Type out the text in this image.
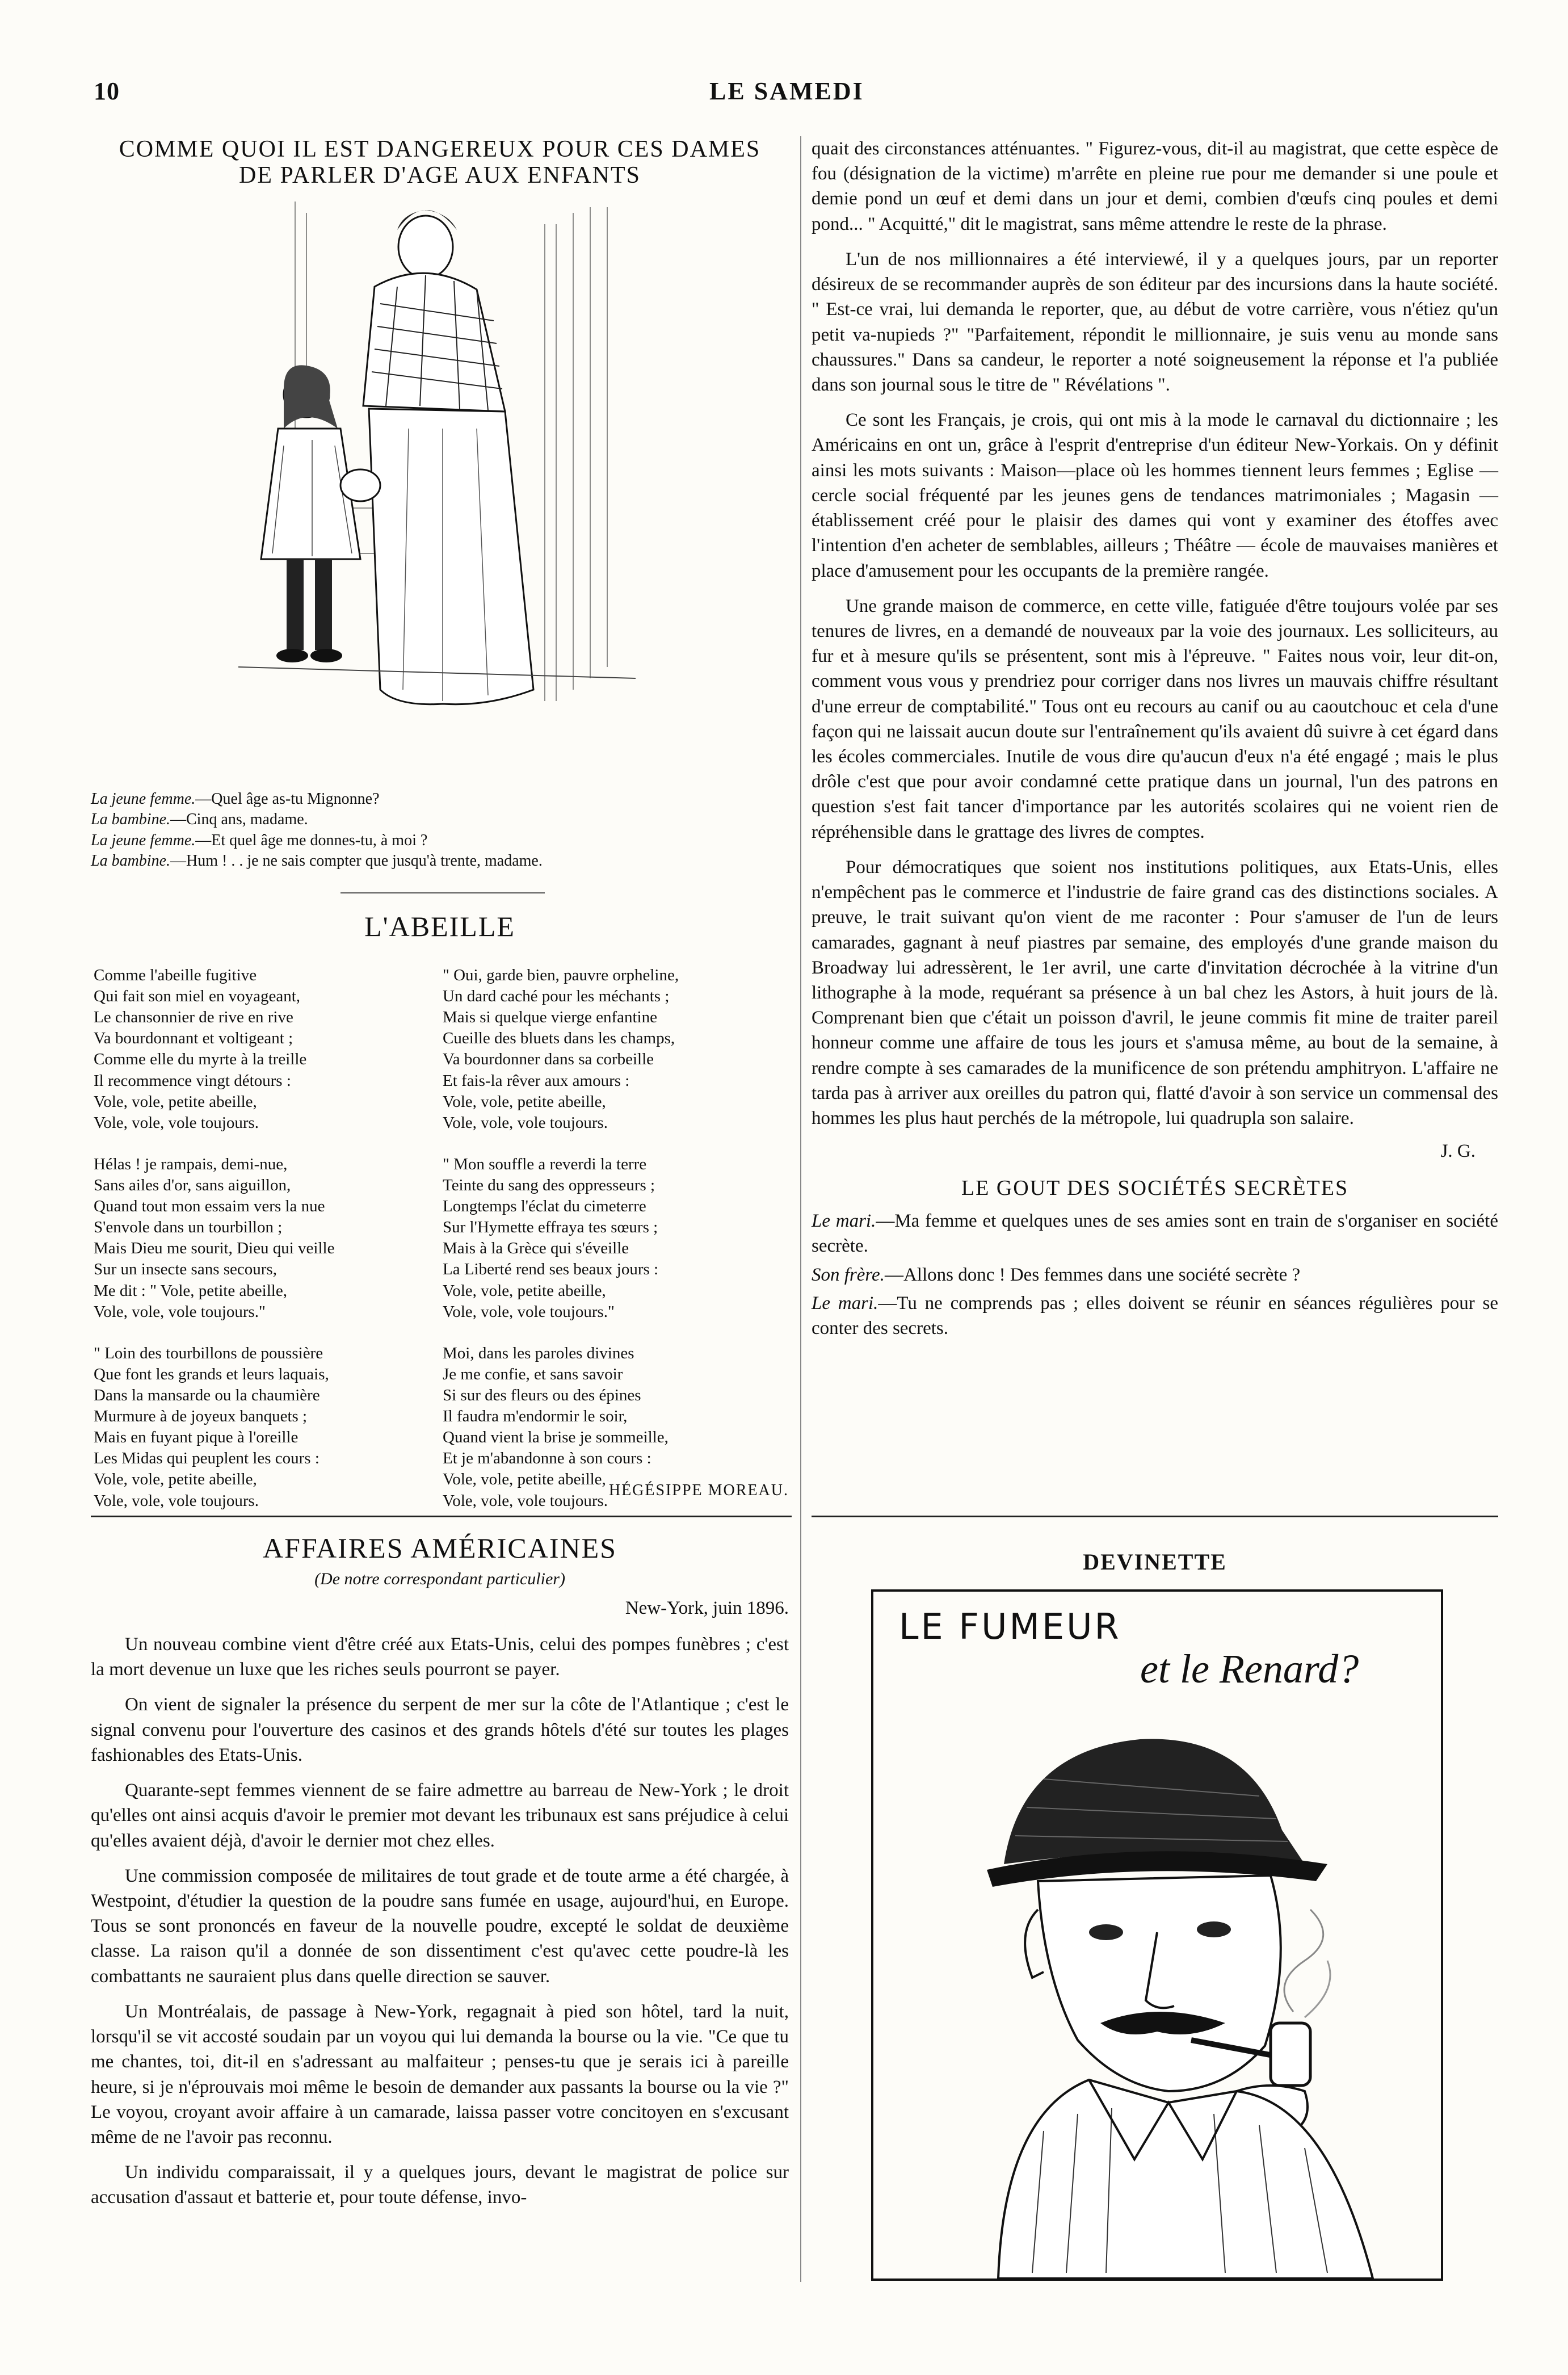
10	LE SAMEDI
COMME QUOI IL EST DANGEREUX POUR CES DAMES
DE PARLER D'AGE AUX ENFANTS

La jeune femme.—Quel âge as-tu Mignonne?

La bambine.—Cinq ans, madame.

La jeune femme.—Et quel âge me donnes-tu, à moi ?

La bambine.—Hum ! . . je ne sais compter que jusqu'à trente, madame.

L'ABEILLE

Comme l'abeille fugitive
Qui fait son miel en voyageant,
Le chansonnier de rive en rive
Va bourdonnant et voltigeant ;
Comme elle du myrte à la treille
Il recommence vingt détours :
Vole, vole, petite abeille,
Vole, vole, vole toujours.

Hélas ! je rampais, demi-nue,
Sans ailes d'or, sans aiguillon,
Quand tout mon essaim vers la nue
S'envole dans un tourbillon ;
Mais Dieu me sourit, Dieu qui veille
Sur un insecte sans secours,
Me dit : " Vole, petite abeille,
Vole, vole, vole toujours."

" Loin des tourbillons de poussière
Que font les grands et leurs laquais,
Dans la mansarde ou la chaumière
Murmure à de joyeux banquets ;
Mais en fuyant pique à l'oreille
Les Midas qui peuplent les cours :
Vole, vole, petite abeille,
Vole, vole, vole toujours.

" Oui, garde bien, pauvre orpheline,
Un dard caché pour les méchants ;
Mais si quelque vierge enfantine
Cueille des bluets dans les champs,
Va bourdonner dans sa corbeille
Et fais-la rêver aux amours :
Vole, vole, petite abeille,
Vole, vole, vole toujours.

" Mon souffle a reverdi la terre
Teinte du sang des oppresseurs ;
Longtemps l'éclat du cimeterre
Sur l'Hymette effraya tes sœurs ;
Mais à la Grèce qui s'éveille
La Liberté rend ses beaux jours :
Vole, vole, petite abeille,
Vole, vole, vole toujours."

Moi, dans les paroles divines
Je me confie, et sans savoir
Si sur des fleurs ou des épines
Il faudra m'endormir le soir,
Quand vient la brise je sommeille,
Et je m'abandonne à son cours :
Vole, vole, petite abeille,
Vole, vole, vole toujours.

HÉGÉSIPPE MOREAU.
AFFAIRES AMÉRICAINES
(De notre correspondant particulier)
New-York, juin 1896.

Un nouveau combine vient d'être créé aux Etats-Unis, celui des pompes funèbres ; c'est la mort devenue un luxe que les riches seuls pourront se payer.

On vient de signaler la présence du serpent de mer sur la côte de l'Atlantique ; c'est le signal convenu pour l'ouverture des casinos et des grands hôtels d'été sur toutes les plages fashionables des Etats-Unis.

Quarante-sept femmes viennent de se faire admettre au barreau de New-York ; le droit qu'elles ont ainsi acquis d'avoir le premier mot devant les tribunaux est sans préjudice à celui qu'elles avaient déjà, d'avoir le dernier mot chez elles.

Une commission composée de militaires de tout grade et de toute arme a été chargée, à Westpoint, d'étudier la question de la poudre sans fumée en usage, aujourd'hui, en Europe. Tous se sont prononcés en faveur de la nouvelle poudre, excepté le soldat de deuxième classe. La raison qu'il a donnée de son dissentiment c'est qu'avec cette poudre-là les combattants ne sauraient plus dans quelle direction se sauver.

Un Montréalais, de passage à New-York, regagnait à pied son hôtel, tard la nuit, lorsqu'il se vit accosté soudain par un voyou qui lui demanda la bourse ou la vie. "Ce que tu me chantes, toi, dit-il en s'adressant au malfaiteur ; penses-tu que je serais ici à pareille heure, si je n'éprouvais moi même le besoin de demander aux passants la bourse ou la vie ?" Le voyou, croyant avoir affaire à un camarade, laissa passer votre concitoyen en s'excusant même de ne l'avoir pas reconnu.

Un individu comparaissait, il y a quelques jours, devant le magistrat de police sur accusation d'assaut et batterie et, pour toute défense, invo-

quait des circonstances atténuantes. " Figurez-vous, dit-il au magistrat, que cette espèce de fou (désignation de la victime) m'arrête en pleine rue pour me demander si une poule et demie pond un œuf et demi dans un jour et demi, combien d'œufs cinq poules et demi pond... " Acquitté," dit le magistrat, sans même attendre le reste de la phrase.

L'un de nos millionnaires a été interviewé, il y a quelques jours, par un reporter désireux de se recommander auprès de son éditeur par des incursions dans la haute société. " Est-ce vrai, lui demanda le reporter, que, au début de votre carrière, vous n'étiez qu'un petit va-nupieds ?" "Parfaitement, répondit le millionnaire, je suis venu au monde sans chaussures." Dans sa candeur, le reporter a noté soigneusement la réponse et l'a publiée dans son journal sous le titre de " Révélations ".

Ce sont les Français, je crois, qui ont mis à la mode le carnaval du dictionnaire ; les Américains en ont un, grâce à l'esprit d'entreprise d'un éditeur New-Yorkais. On y définit ainsi les mots suivants : Maison—place où les hommes tiennent leurs femmes ; Eglise —cercle social fréquenté par les jeunes gens de tendances matrimoniales ; Magasin —établissement créé pour le plaisir des dames qui vont y examiner des étoffes avec l'intention d'en acheter de semblables, ailleurs ; Théâtre — école de mauvaises manières et place d'amusement pour les occupants de la première rangée.

Une grande maison de commerce, en cette ville, fatiguée d'être toujours volée par ses tenures de livres, en a demandé de nouveaux par la voie des journaux. Les solliciteurs, au fur et à mesure qu'ils se présentent, sont mis à l'épreuve. " Faites nous voir, leur dit-on, comment vous vous y prendriez pour corriger dans nos livres un mauvais chiffre résultant d'une erreur de comptabilité." Tous ont eu recours au canif ou au caoutchouc et cela d'une façon qui ne laissait aucun doute sur l'entraînement qu'ils avaient dû suivre à cet égard dans les écoles commerciales. Inutile de vous dire qu'aucun d'eux n'a été engagé ; mais le plus drôle c'est que pour avoir condamné cette pratique dans un journal, l'un des patrons en question s'est fait tancer d'importance par les autorités scolaires qui ne voient rien de répréhensible dans le grattage des livres de comptes.

Pour démocratiques que soient nos institutions politiques, aux Etats-Unis, elles n'empêchent pas le commerce et l'industrie de faire grand cas des distinctions sociales. A preuve, le trait suivant qu'on vient de me raconter : Pour s'amuser de l'un de leurs camarades, gagnant à neuf piastres par semaine, des employés d'une grande maison du Broadway lui adressèrent, le 1er avril, une carte d'invitation décrochée à la vitrine d'un lithographe à la mode, requérant sa présence à un bal chez les Astors, à huit jours de là. Comprenant bien que c'était un poisson d'avril, le jeune commis fit mine de traiter pareil honneur comme une affaire de tous les jours et s'amusa même, au bout de la semaine, à rendre compte à ses camarades de la munificence de son prétendu amphitryon. L'affaire ne tarda pas à arriver aux oreilles du patron qui, flatté d'avoir à son service un commensal des hommes les plus haut perchés de la métropole, lui quadrupla son salaire.

J. G.
LE GOUT DES SOCIÉTÉS SECRÈTES

Le mari.—Ma femme et quelques unes de ses amies sont en train de s'organiser en société secrète.

Son frère.—Allons donc ! Des femmes dans une société secrète ?

Le mari.—Tu ne comprends pas ; elles doivent se réunir en séances régulières pour se conter des secrets.

DEVINETTE
LE FUMEUR
et le Renard?
